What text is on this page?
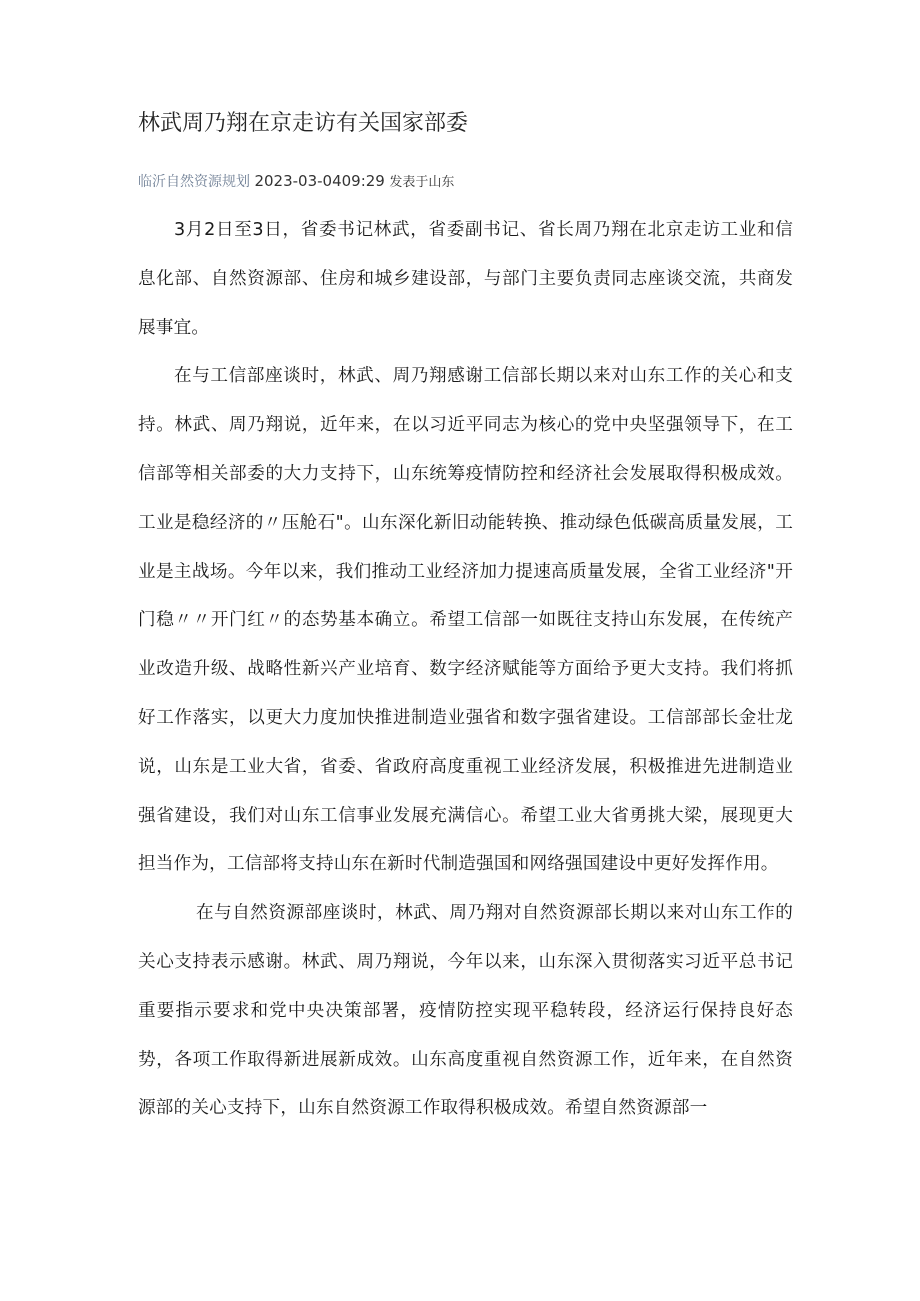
林武周乃翔在京走访有关国家部委
临沂自然资源规划 2023-03-0409:29 发表于山东

3月2日至3日，省委书记林武，省委副书记、省长周乃翔在北京走访工业和信息化部、自然资源部、住房和城乡建设部，与部门主要负责同志座谈交流，共商发展事宜。

在与工信部座谈时，林武、周乃翔感谢工信部长期以来对山东工作的关心和支持。林武、周乃翔说，近年来，在以习近平同志为核心的党中央坚强领导下，在工信部等相关部委的大力支持下，山东统筹疫情防控和经济社会发展取得积极成效。工业是稳经济的〃压舱石"。山东深化新旧动能转换、推动绿色低碳高质量发展，工业是主战场。今年以来，我们推动工业经济加力提速高质量发展，全省工业经济"开门稳〃〃开门红〃的态势基本确立。希望工信部一如既往支持山东发展，在传统产业改造升级、战略性新兴产业培育、数字经济赋能等方面给予更大支持。我们将抓好工作落实，以更大力度加快推进制造业强省和数字强省建设。工信部部长金壮龙说，山东是工业大省，省委、省政府高度重视工业经济发展，积极推进先进制造业强省建设，我们对山东工信事业发展充满信心。希望工业大省勇挑大梁，展现更大担当作为，工信部将支持山东在新时代制造强国和网络强国建设中更好发挥作用。

在与自然资源部座谈时，林武、周乃翔对自然资源部长期以来对山东工作的关心支持表示感谢。林武、周乃翔说，今年以来，山东深入贯彻落实习近平总书记重要指示要求和党中央决策部署，疫情防控实现平稳转段，经济运行保持良好态势，各项工作取得新进展新成效。山东高度重视自然资源工作，近年来，在自然资源部的关心支持下，山东自然资源工作取得积极成效。希望自然资源部一
